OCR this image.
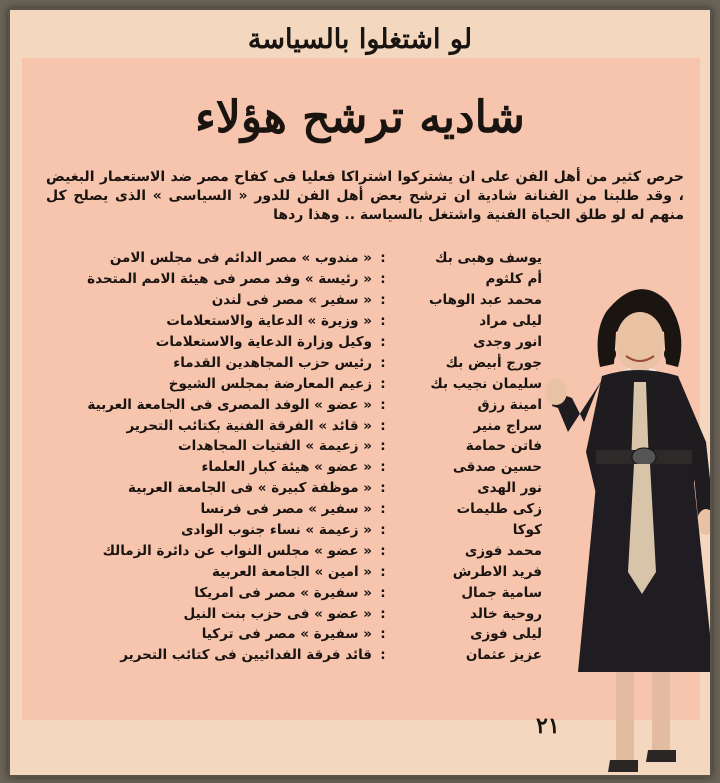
لو اشتغلوا بالسياسة
شاديه ترشح هؤلاء
حرص كثير من أهل الفن على ان يشتركوا اشتراكا فعليا فى كفاح مصر ضد الاستعمار البغيض ، وقد طلبنا من الفنانة شادية ان ترشح بعض أهل الفن للدور « السياسى » الذى يصلح كل منهم له لو طلق الحياة الفنية واشتغل بالسياسة .. وهذا ردها
يوسف وهبى بك
:
« مندوب » مصر الدائم فى مجلس الامن
أم كلثوم
:
« رئيسة » وفد مصر فى هيئة الامم المتحدة
محمد عبد الوهاب
:
« سفير » مصر فى لندن
ليلى مراد
:
« وزيرة » الدعاية والاستعلامات
انور وجدى
:
وكيل وزارة الدعاية والاستعلامات
جورج أبيض بك
:
رئيس حزب المجاهدين القدماء
سليمان نجيب بك
:
زعيم المعارضة بمجلس الشيوخ
امينة رزق
:
« عضو » الوفد المصرى فى الجامعة العربية
سراج منير
:
« قائد » الفرقة الفنية بكتائب التحرير
فاتن حمامة
:
« زعيمة » الفتيات المجاهدات
حسين صدقى
:
« عضو » هيئة كبار العلماء
نور الهدى
:
« موظفة كبيرة » فى الجامعة العربية
زكى طليمات
:
« سفير » مصر فى فرنسا
كوكا
:
« زعيمة » نساء جنوب الوادى
محمد فوزى
:
« عضو » مجلس النواب عن دائرة الزمالك
فريد الاطرش
:
« امين » الجامعة العربية
سامية جمال
:
« سفيرة » مصر فى امريكا
روحية خالد
:
« عضو » فى حزب بنت النيل
ليلى فوزى
:
« سفيرة » مصر فى تركيا
عزيز عثمان
:
قائد فرقة الفدائيين فى كتائب التحرير
٢١
